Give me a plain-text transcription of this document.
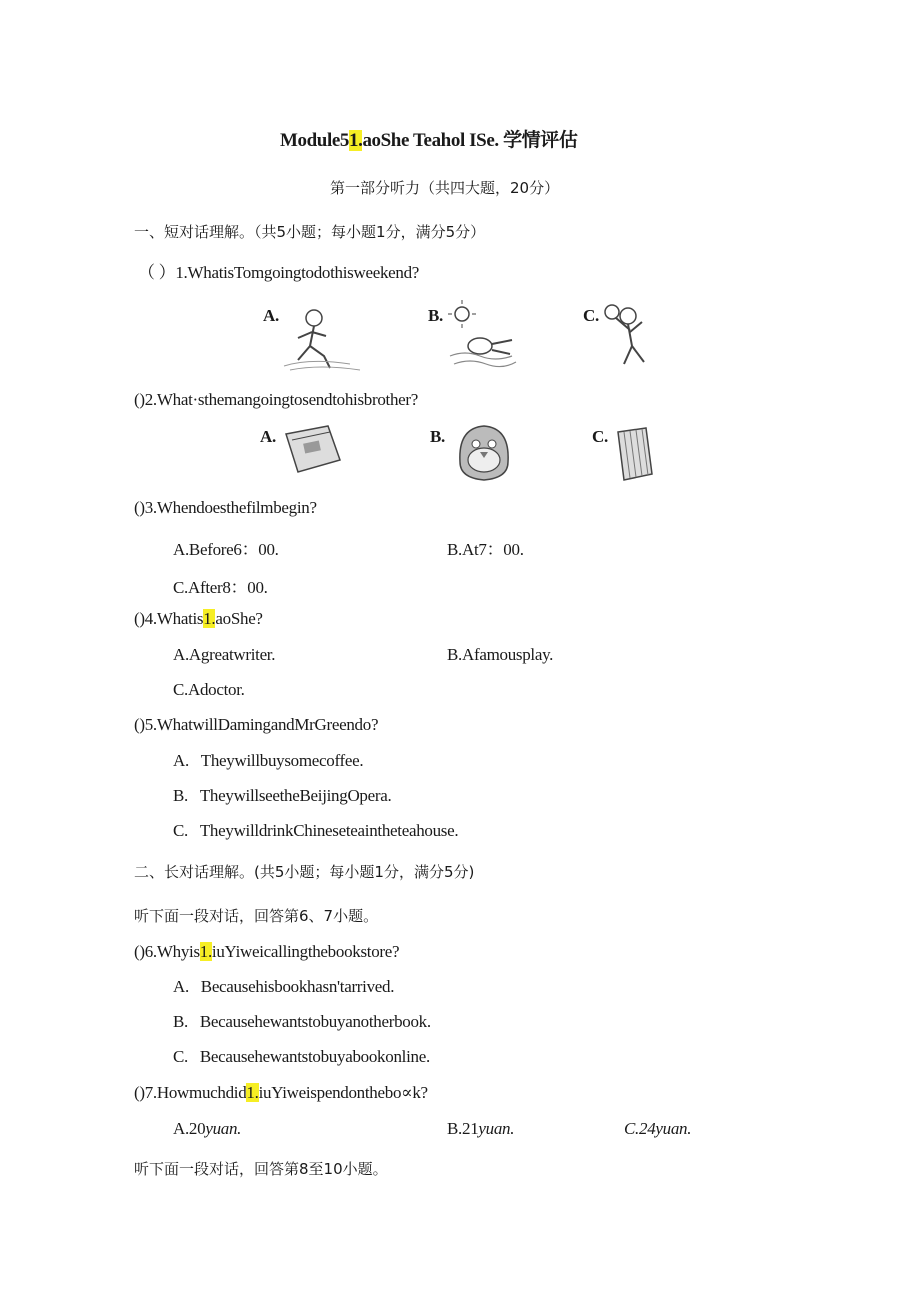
Module51.aoShe Teahol ISe. 学情评估
第一部分听力（共四大题，20分）
一、短对话理解。（共5小题；每小题1分，满分5分）
（ ）1.WhatisTomgoingtodothisweekend?
A.	B.	C.
()2.What·sthemangoingtosendtohisbrother?
A.	B.	C.
()3.Whendoesthefilmbegin?
A.Before6：00.	B.At7：00.
C.After8：00.
()4.Whatis1.aoShe?
A.Agreatwriter.	B.Afamousplay.
C.Adoctor.
()5.WhatwillDamingandMrGreendo?
A.   Theywillbuysomecoffee.
B.   TheywillseetheBeijingOpera.
C.   TheywilldrinkChineseteaintheteahouse.
二、长对话理解。(共5小题；每小题1分，满分5分)
听下面一段对话，回答第6、7小题。
()6.Whyis1.iuYiweicallingthebookstore?
A.   Becausehisbookhasn'tarrived.
B.   Becausehewantstobuyanotherbook.
C.   Becausehewantstobuyabookonline.
()7.Howmuchdid1.iuYiweispendonthebo∝k?
A.20yuan.	B.21yuan.	C.24yuan.
听下面一段对话，回答第8至10小题。
